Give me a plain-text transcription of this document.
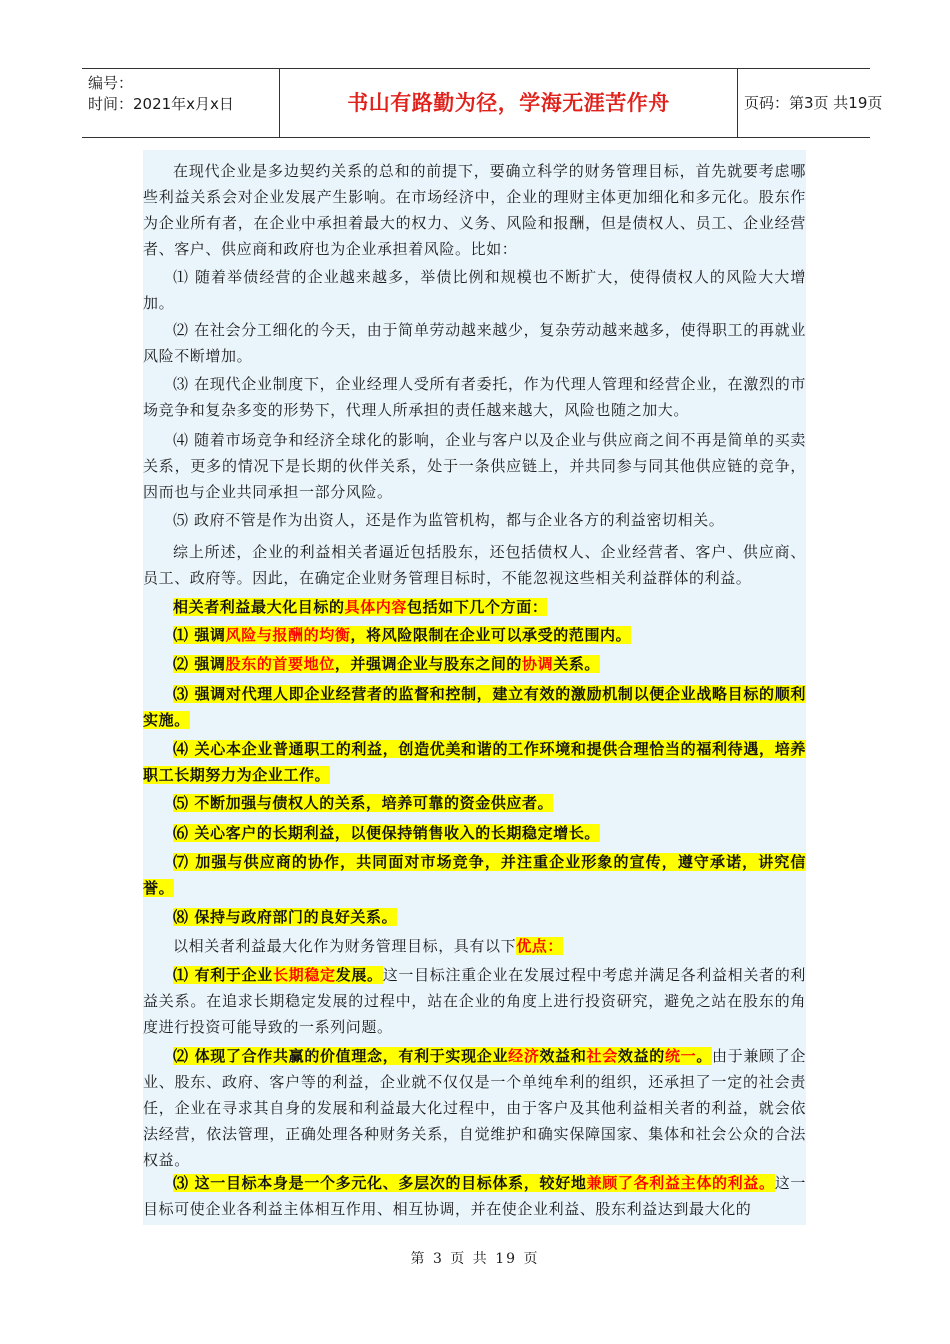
编号：
时间：2021年x月x日	书山有路勤为径，学海无涯苦作舟	页码：第3页 共19页

在现代企业是多边契约关系的总和的前提下，要确立科学的财务管理目标，首先就要考虑哪些利益关系会对企业发展产生影响。在市场经济中，企业的理财主体更加细化和多元化。股东作为企业所有者，在企业中承担着最大的权力、义务、风险和报酬，但是债权人、员工、企业经营者、客户、供应商和政府也为企业承担着风险。比如：

⑴ 随着举债经营的企业越来越多，举债比例和规模也不断扩大，使得债权人的风险大大增加。

⑵ 在社会分工细化的今天，由于简单劳动越来越少，复杂劳动越来越多，使得职工的再就业风险不断增加。

⑶ 在现代企业制度下，企业经理人受所有者委托，作为代理人管理和经营企业，在激烈的市场竞争和复杂多变的形势下，代理人所承担的责任越来越大，风险也随之加大。

⑷ 随着市场竞争和经济全球化的影响，企业与客户以及企业与供应商之间不再是简单的买卖关系，更多的情况下是长期的伙伴关系，处于一条供应链上，并共同参与同其他供应链的竞争，因而也与企业共同承担一部分风险。

⑸ 政府不管是作为出资人，还是作为监管机构，都与企业各方的利益密切相关。

综上所述，企业的利益相关者逼近包括股东，还包括债权人、企业经营者、客户、供应商、员工、政府等。因此，在确定企业财务管理目标时，不能忽视这些相关利益群体的利益。

相关者利益最大化目标的具体内容包括如下几个方面：

⑴ 强调风险与报酬的均衡，将风险限制在企业可以承受的范围内。

⑵ 强调股东的首要地位，并强调企业与股东之间的协调关系。

⑶ 强调对代理人即企业经营者的监督和控制，建立有效的激励机制以便企业战略目标的顺利实施。

⑷ 关心本企业普通职工的利益，创造优美和谐的工作环境和提供合理恰当的福利待遇，培养职工长期努力为企业工作。

⑸ 不断加强与债权人的关系，培养可靠的资金供应者。

⑹ 关心客户的长期利益，以便保持销售收入的长期稳定增长。

⑺ 加强与供应商的协作，共同面对市场竞争，并注重企业形象的宣传，遵守承诺，讲究信誉。

⑻ 保持与政府部门的良好关系。

以相关者利益最大化作为财务管理目标，具有以下优点：

⑴ 有利于企业长期稳定发展。这一目标注重企业在发展过程中考虑并满足各利益相关者的利益关系。在追求长期稳定发展的过程中，站在企业的角度上进行投资研究，避免之站在股东的角度进行投资可能导致的一系列问题。

⑵ 体现了合作共赢的价值理念，有利于实现企业经济效益和社会效益的统一。由于兼顾了企业、股东、政府、客户等的利益，企业就不仅仅是一个单纯牟利的组织，还承担了一定的社会责任，企业在寻求其自身的发展和利益最大化过程中，由于客户及其他利益相关者的利益，就会依法经营，依法管理，正确处理各种财务关系，自觉维护和确实保障国家、集体和社会公众的合法权益。

⑶ 这一目标本身是一个多元化、多层次的目标体系，较好地兼顾了各利益主体的利益。这一目标可使企业各利益主体相互作用、相互协调，并在使企业利益、股东利益达到最大化的

第 3 页 共 19 页
